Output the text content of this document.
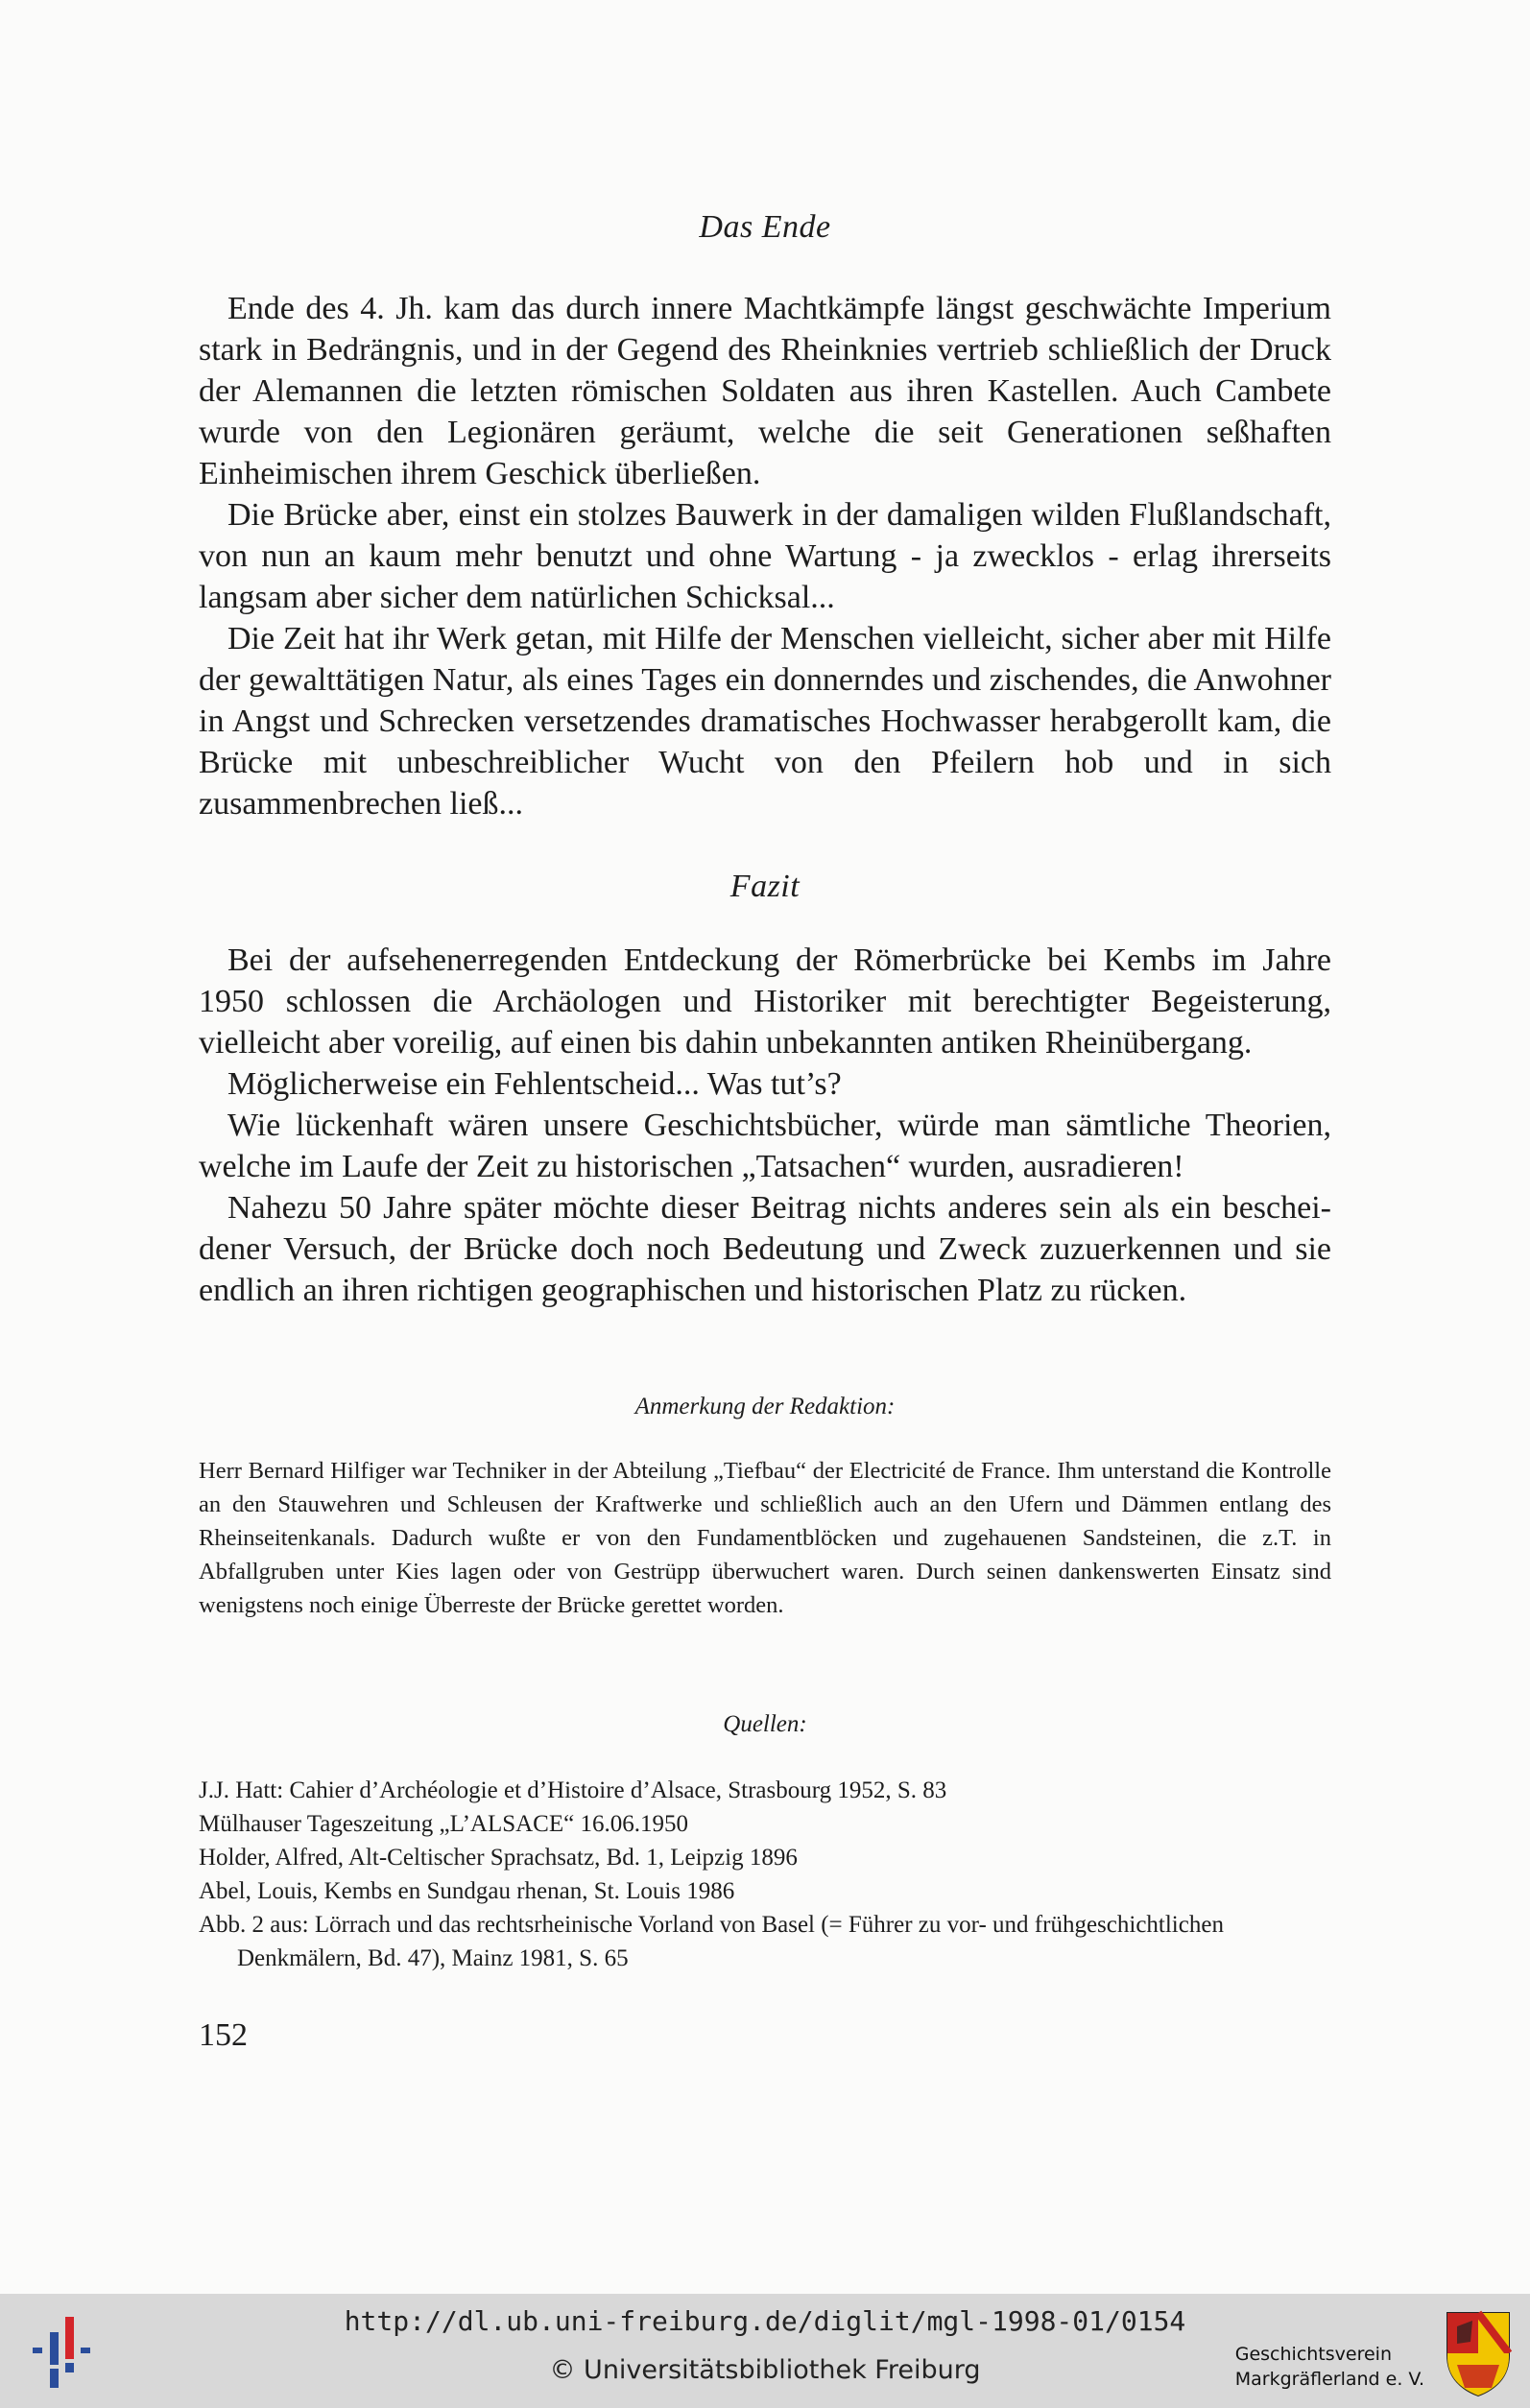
Das Ende

Ende des 4. Jh. kam das durch innere Machtkämpfe längst geschwächte Imperium stark in Bedrängnis, und in der Gegend des Rheinknies vertrieb schließlich der Druck der Alemannen die letzten römischen Soldaten aus ihren Kastellen. Auch Cambete wurde von den Legionären geräumt, welche die seit Generationen seßhaften Einheimischen ihrem Geschick überließen.

Die Brücke aber, einst ein stolzes Bauwerk in der damaligen wilden Flußlandschaft, von nun an kaum mehr benutzt und ohne Wartung - ja zwecklos - erlag ihrerseits langsam aber sicher dem natürlichen Schicksal...

Die Zeit hat ihr Werk getan, mit Hilfe der Menschen vielleicht, sicher aber mit Hilfe der gewalttätigen Natur, als eines Tages ein donnerndes und zischendes, die Anwohner in Angst und Schrecken versetzendes dramatisches Hochwasser herabgerollt kam, die Brücke mit unbeschreiblicher Wucht von den Pfeilern hob und in sich zusammenbrechen ließ...

Fazit

Bei der aufsehenerregenden Entdeckung der Römerbrücke bei Kembs im Jahre 1950 schlossen die Archäologen und Historiker mit berechtigter Begeisterung, vielleicht aber voreilig, auf einen bis dahin unbekannten antiken Rheinübergang.

Möglicherweise ein Fehlentscheid... Was tut’s?

Wie lückenhaft wären unsere Geschichtsbücher, würde man sämtliche Theorien, welche im Laufe der Zeit zu historischen „Tatsachen“ wurden, ausradieren!

Nahezu 50 Jahre später möchte dieser Beitrag nichts anderes sein als ein bescheidener Versuch, der Brücke doch noch Bedeutung und Zweck zuzuerkennen und sie endlich an ihren richtigen geographischen und historischen Platz zu rücken.

Anmerkung der Redaktion:
Herr Bernard Hilfiger war Techniker in der Abteilung „Tiefbau“ der Electricité de France. Ihm unterstand die Kontrolle an den Stauwehren und Schleusen der Kraftwerke und schließlich auch an den Ufern und Dämmen entlang des Rheinseitenkanals. Dadurch wußte er von den Fundamentblöcken und zugehauenen Sandsteinen, die z.T. in Abfallgruben unter Kies lagen oder von Gestrüpp überwuchert waren. Durch seinen dankenswerten Einsatz sind wenigstens noch einige Überreste der Brücke gerettet worden.
Quellen:
J.J. Hatt: Cahier d’Archéologie et d’Histoire d’Alsace, Strasbourg 1952, S. 83
Mülhauser Tageszeitung „L’ALSACE“ 16.06.1950
Holder, Alfred, Alt-Celtischer Sprachsatz, Bd. 1, Leipzig 1896
Abel, Louis, Kembs en Sundgau rhenan, St. Louis 1986
Abb. 2 aus: Lörrach und das rechtsrheinische Vorland von Basel (= Führer zu vor- und frühgeschichtlichen Denkmälern, Bd. 47), Mainz 1981, S. 65
152
http://dl.ub.uni-freiburg.de/diglit/mgl-1998-01/0154
© Universitätsbibliothek Freiburg
Geschichtsverein
Markgräflerland e. V.
